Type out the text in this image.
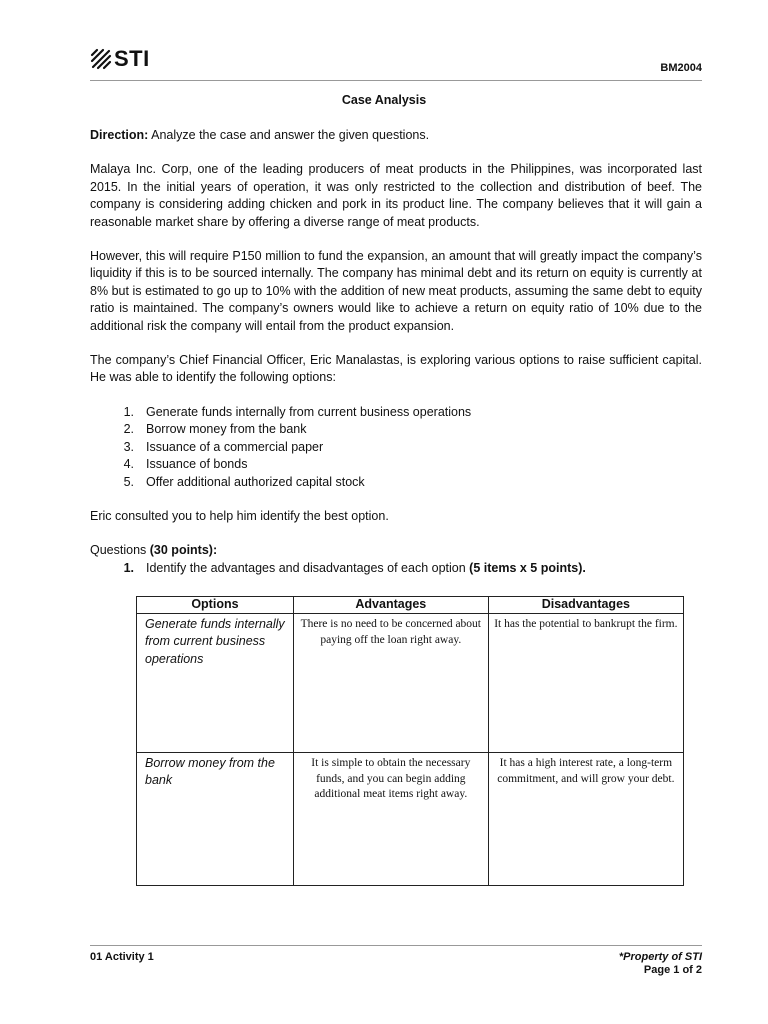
STI	BM2004
Case Analysis

Direction: Analyze the case and answer the given questions.

Malaya Inc. Corp, one of the leading producers of meat products in the Philippines, was incorporated last 2015. In the initial years of operation, it was only restricted to the collection and distribution of beef. The company is considering adding chicken and pork in its product line. The company believes that it will gain a reasonable market share by offering a diverse range of meat products.

However, this will require P150 million to fund the expansion, an amount that will greatly impact the company’s liquidity if this is to be sourced internally. The company has minimal debt and its return on equity is currently at 8% but is estimated to go up to 10% with the addition of new meat products, assuming the same debt to equity ratio is maintained. The company’s owners would like to achieve a return on equity ratio of 10% due to the additional risk the company will entail from the product expansion.

The company’s Chief Financial Officer, Eric Manalastas, is exploring various options to raise sufficient capital. He was able to identify the following options:

1. Generate funds internally from current business operations
2. Borrow money from the bank
3. Issuance of a commercial paper
4. Issuance of bonds
5. Offer additional authorized capital stock

Eric consulted you to help him identify the best option.

Questions (30 points):

1. Identify the advantages and disadvantages of each option (5 items x 5 points).
Options	Advantages	Disadvantages
Generate funds internally from current business operations	There is no need to be concerned about paying off the loan right away.	It has the potential to bankrupt the firm.
Borrow money from the bank	It is simple to obtain the necessary funds, and you can begin adding additional meat items right away.	It has a high interest rate, a long-term commitment, and will grow your debt.
01 Activity 1	*Property of STI
Page 1 of 2
